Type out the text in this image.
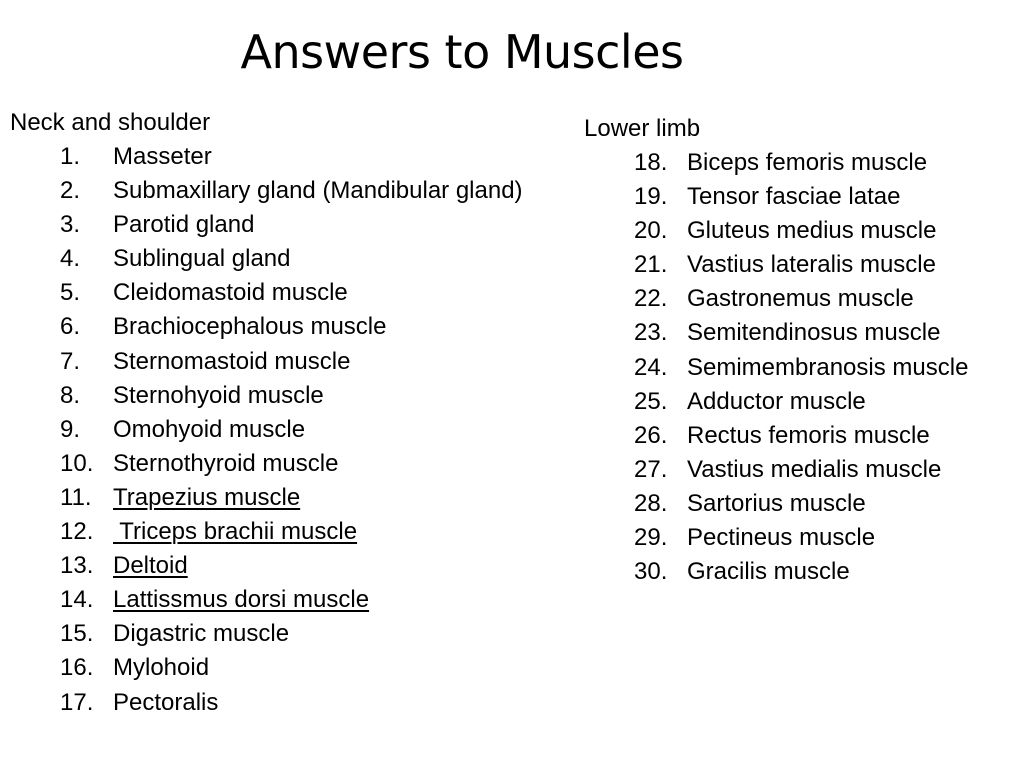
Answers to Muscles
Neck and shoulder
1.	Masseter
2.	Submaxillary gland (Mandibular gland)
3.	Parotid gland
4.	Sublingual gland
5.	Cleidomastoid muscle
6.	Brachiocephalous muscle
7.	Sternomastoid muscle
8.	Sternohyoid muscle
9.	Omohyoid muscle
10. Sternothyroid muscle
11. Trapezius muscle
12. Triceps brachii muscle
13. Deltoid
14. Lattissmus dorsi muscle
15. Digastric muscle
16. Mylohoid
17. Pectoralis
Lower limb
18. Biceps femoris muscle
19. Tensor fasciae latae
20. Gluteus medius muscle
21. Vastius lateralis muscle
22. Gastronemus muscle
23. Semitendinosus muscle
24. Semimembranosis muscle
25. Adductor muscle
26. Rectus femoris muscle
27. Vastius medialis muscle
28. Sartorius muscle
29. Pectineus muscle
30. Gracilis muscle
